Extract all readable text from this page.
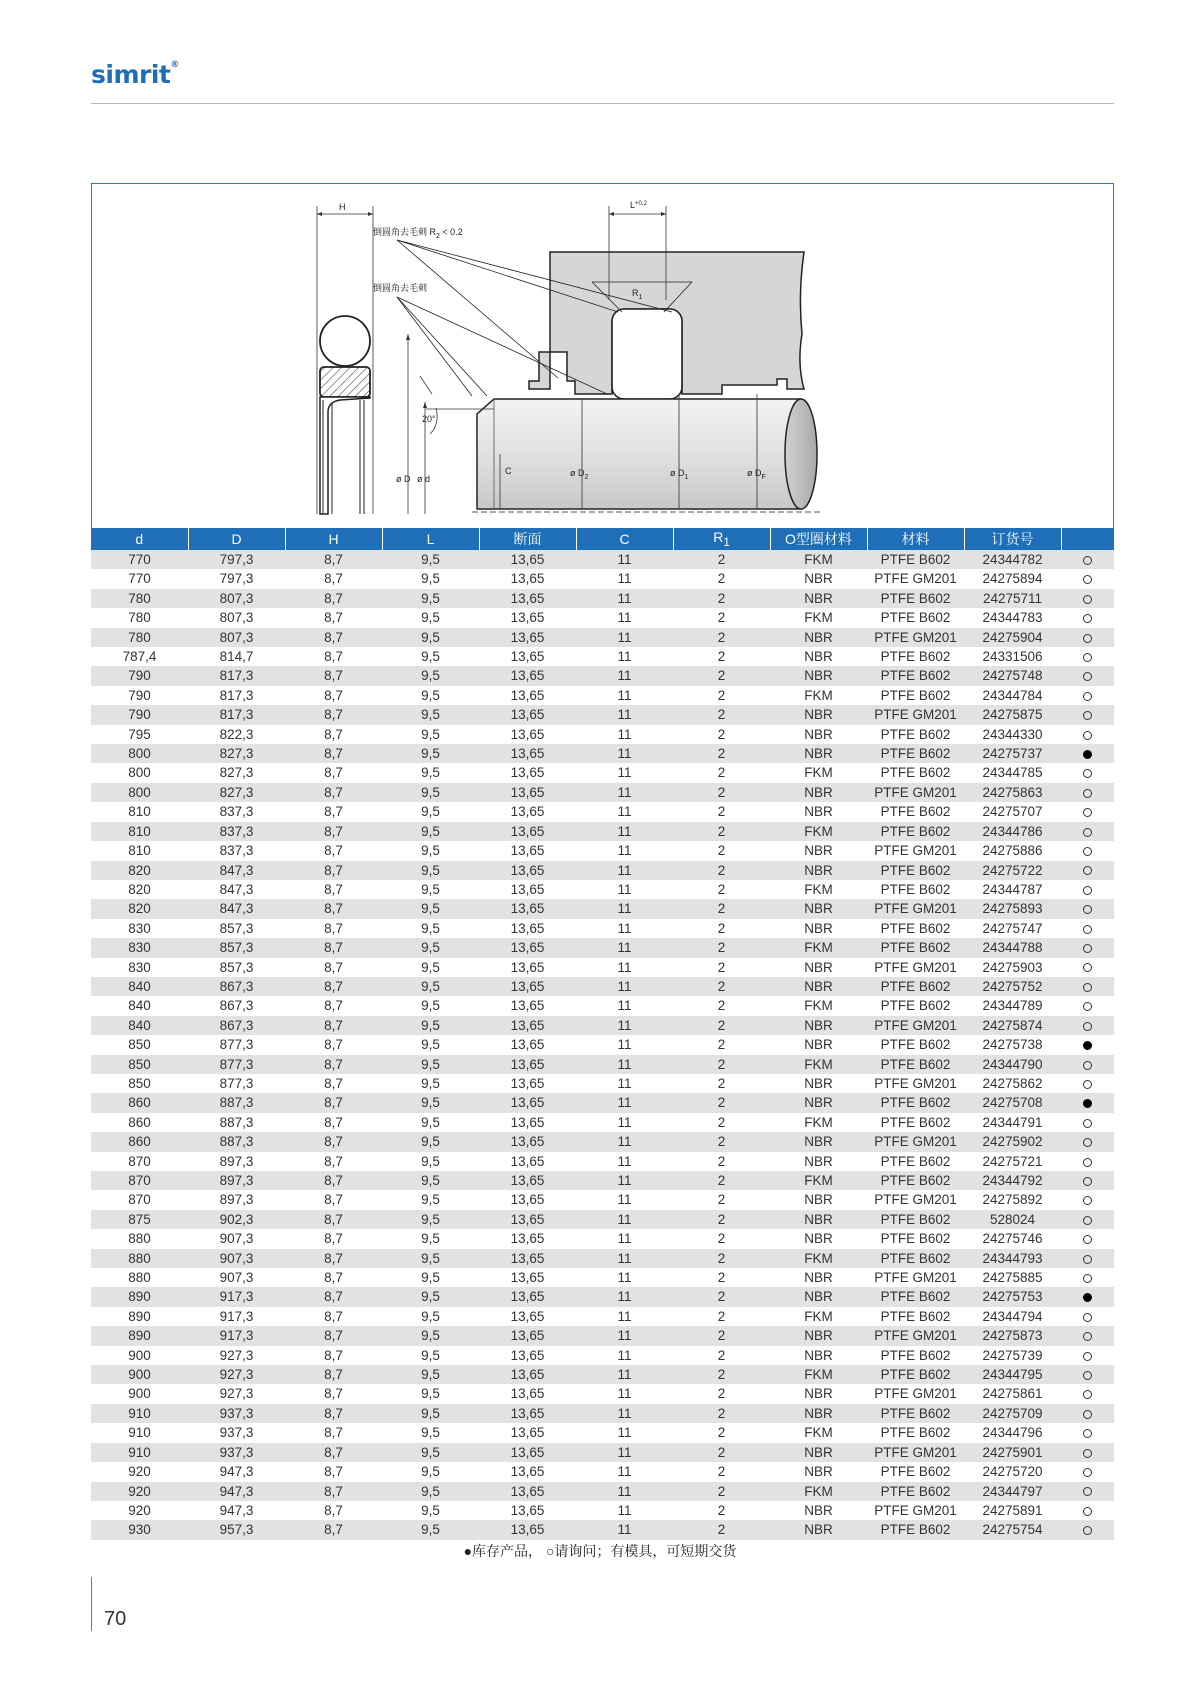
simrit®
H
ø D ø d
$R_1$
$L^{+0.2}$
C	ø $D_2$	ø $D_1$	ø $D_F$
20°
倒圆角去毛刺 $R_2 < 0.2$
倒圆角去毛刺
d	D	H	L	断面	C	$R_1$	O型圈材料	材料	订货号	
770	797,3	8,7	9,5	13,65	11	2	FKM	PTFE B602	24344782	
770	797,3	8,7	9,5	13,65	11	2	NBR	PTFE GM201	24275894	
780	807,3	8,7	9,5	13,65	11	2	NBR	PTFE B602	24275711	
780	807,3	8,7	9,5	13,65	11	2	FKM	PTFE B602	24344783	
780	807,3	8,7	9,5	13,65	11	2	NBR	PTFE GM201	24275904	
787,4	814,7	8,7	9,5	13,65	11	2	NBR	PTFE B602	24331506	
790	817,3	8,7	9,5	13,65	11	2	NBR	PTFE B602	24275748	
790	817,3	8,7	9,5	13,65	11	2	FKM	PTFE B602	24344784	
790	817,3	8,7	9,5	13,65	11	2	NBR	PTFE GM201	24275875	
795	822,3	8,7	9,5	13,65	11	2	NBR	PTFE B602	24344330	
800	827,3	8,7	9,5	13,65	11	2	NBR	PTFE B602	24275737	
800	827,3	8,7	9,5	13,65	11	2	FKM	PTFE B602	24344785	
800	827,3	8,7	9,5	13,65	11	2	NBR	PTFE GM201	24275863	
810	837,3	8,7	9,5	13,65	11	2	NBR	PTFE B602	24275707	
810	837,3	8,7	9,5	13,65	11	2	FKM	PTFE B602	24344786	
810	837,3	8,7	9,5	13,65	11	2	NBR	PTFE GM201	24275886	
820	847,3	8,7	9,5	13,65	11	2	NBR	PTFE B602	24275722	
820	847,3	8,7	9,5	13,65	11	2	FKM	PTFE B602	24344787	
820	847,3	8,7	9,5	13,65	11	2	NBR	PTFE GM201	24275893	
830	857,3	8,7	9,5	13,65	11	2	NBR	PTFE B602	24275747	
830	857,3	8,7	9,5	13,65	11	2	FKM	PTFE B602	24344788	
830	857,3	8,7	9,5	13,65	11	2	NBR	PTFE GM201	24275903	
840	867,3	8,7	9,5	13,65	11	2	NBR	PTFE B602	24275752	
840	867,3	8,7	9,5	13,65	11	2	FKM	PTFE B602	24344789	
840	867,3	8,7	9,5	13,65	11	2	NBR	PTFE GM201	24275874	
850	877,3	8,7	9,5	13,65	11	2	NBR	PTFE B602	24275738	
850	877,3	8,7	9,5	13,65	11	2	FKM	PTFE B602	24344790	
850	877,3	8,7	9,5	13,65	11	2	NBR	PTFE GM201	24275862	
860	887,3	8,7	9,5	13,65	11	2	NBR	PTFE B602	24275708	
860	887,3	8,7	9,5	13,65	11	2	FKM	PTFE B602	24344791	
860	887,3	8,7	9,5	13,65	11	2	NBR	PTFE GM201	24275902	
870	897,3	8,7	9,5	13,65	11	2	NBR	PTFE B602	24275721	
870	897,3	8,7	9,5	13,65	11	2	FKM	PTFE B602	24344792	
870	897,3	8,7	9,5	13,65	11	2	NBR	PTFE GM201	24275892	
875	902,3	8,7	9,5	13,65	11	2	NBR	PTFE B602	528024	
880	907,3	8,7	9,5	13,65	11	2	NBR	PTFE B602	24275746	
880	907,3	8,7	9,5	13,65	11	2	FKM	PTFE B602	24344793	
880	907,3	8,7	9,5	13,65	11	2	NBR	PTFE GM201	24275885	
890	917,3	8,7	9,5	13,65	11	2	NBR	PTFE B602	24275753	
890	917,3	8,7	9,5	13,65	11	2	FKM	PTFE B602	24344794	
890	917,3	8,7	9,5	13,65	11	2	NBR	PTFE GM201	24275873	
900	927,3	8,7	9,5	13,65	11	2	NBR	PTFE B602	24275739	
900	927,3	8,7	9,5	13,65	11	2	FKM	PTFE B602	24344795	
900	927,3	8,7	9,5	13,65	11	2	NBR	PTFE GM201	24275861	
910	937,3	8,7	9,5	13,65	11	2	NBR	PTFE B602	24275709	
910	937,3	8,7	9,5	13,65	11	2	FKM	PTFE B602	24344796	
910	937,3	8,7	9,5	13,65	11	2	NBR	PTFE GM201	24275901	
920	947,3	8,7	9,5	13,65	11	2	NBR	PTFE B602	24275720	
920	947,3	8,7	9,5	13,65	11	2	FKM	PTFE B602	24344797	
920	947,3	8,7	9,5	13,65	11	2	NBR	PTFE GM201	24275891	
930	957,3	8,7	9,5	13,65	11	2	NBR	PTFE B602	24275754	
●库存产品， ○请询问；有模具，可短期交货
70
